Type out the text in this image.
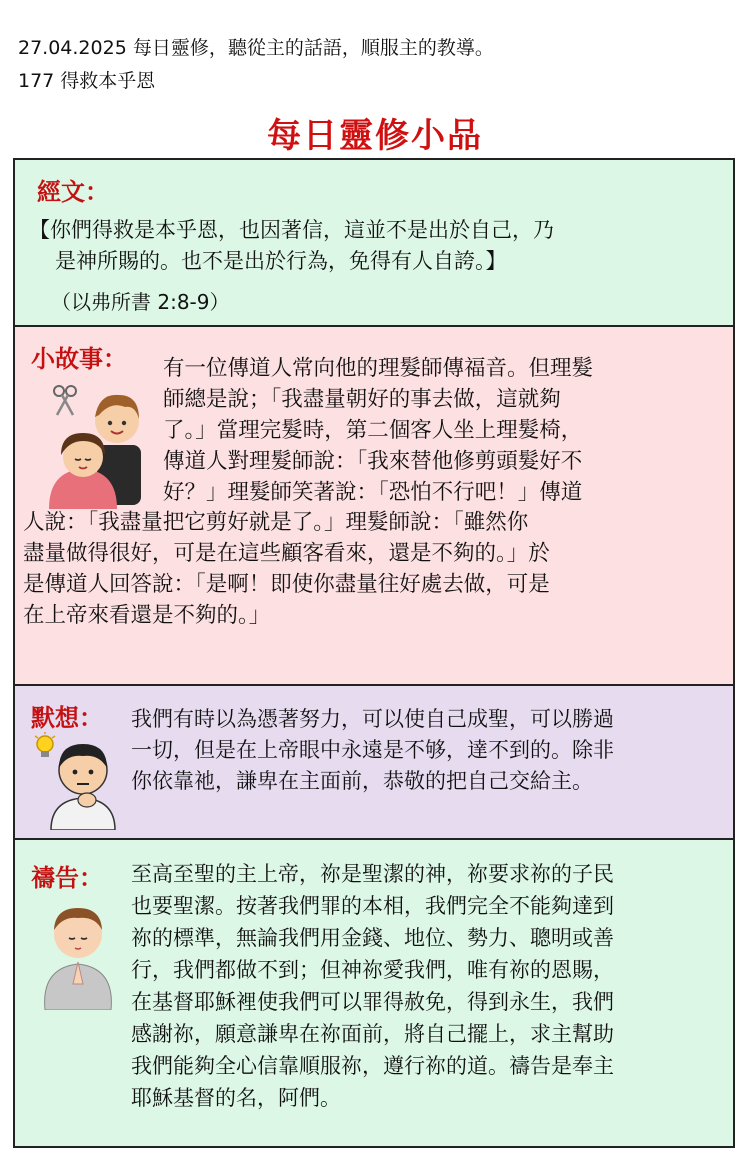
27.04.2025 每日靈修，聽從主的話語，順服主的教導。
177 得救本乎恩
每日靈修小品
經文：
【你們得救是本乎恩，也因著信，這並不是出於自己，乃
是神所賜的。也不是出於行為，免得有人自誇。】
（以弗所書 2:8-9）
小故事： 有一位傳道人常向他的理髮師傳福音。但理髮
師總是說；「我盡量朝好的事去做，這就夠
了。」當理完髮時，第二個客人坐上理髮椅，
傳道人對理髮師說：「我來替他修剪頭髮好不
好？」理髮師笑著說：「恐怕不行吧！」傳道
人說：「我盡量把它剪好就是了。」理髮師說：「雖然你
盡量做得很好，可是在這些顧客看來，還是不夠的。」於
是傳道人回答說：「是啊！即使你盡量往好處去做，可是
在上帝來看還是不夠的。」
默想： 我們有時以為憑著努力，可以使自己成聖，可以勝過
一切，但是在上帝眼中永遠是不够，達不到的。除非
你依靠祂，謙卑在主面前，恭敬的把自己交給主。
禱告： 至高至聖的主上帝，祢是聖潔的神，祢要求祢的子民
也要聖潔。按著我們罪的本相，我們完全不能夠達到
祢的標準，無論我們用金錢、地位、勢力、聰明或善
行，我們都做不到；但神祢愛我們，唯有祢的恩賜，
在基督耶穌裡使我們可以罪得赦免，得到永生，我們
感謝祢，願意謙卑在祢面前，將自己擺上，求主幫助
我們能夠全心信靠順服祢，遵行祢的道。禱告是奉主
耶穌基督的名，阿們。
